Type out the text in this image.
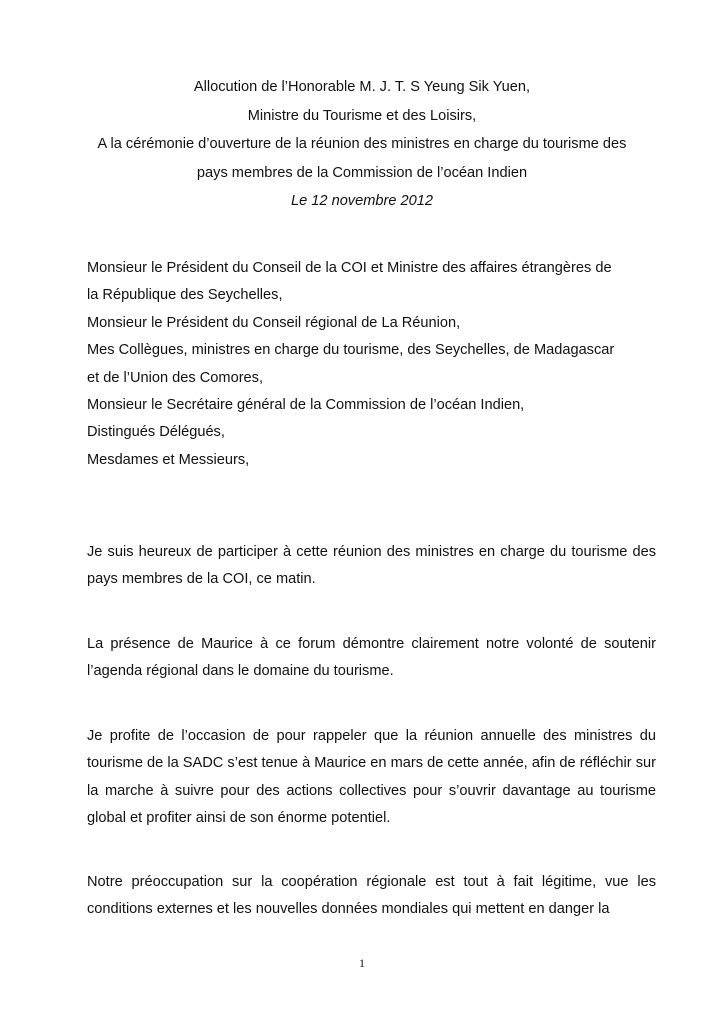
Allocution de l’Honorable M. J. T. S Yeung Sik Yuen,
Ministre du Tourisme et des Loisirs,
A la cérémonie d’ouverture de la réunion des ministres en charge du tourisme des
pays membres de la Commission de l’océan Indien
Le 12 novembre 2012
Monsieur le Président du Conseil de la COI et Ministre des affaires étrangères de
la République des Seychelles,
Monsieur le Président du Conseil régional de La Réunion,
Mes Collègues, ministres en charge du tourisme, des Seychelles, de Madagascar
et de l’Union des Comores,
Monsieur le Secrétaire général de la Commission de l’océan Indien,
Distingués Délégués,
Mesdames et Messieurs,

Je suis heureux de participer à cette réunion des ministres en charge du tourisme des pays membres de la COI, ce matin.

La présence de Maurice à ce forum démontre clairement notre volonté de soutenir l’agenda régional dans le domaine du tourisme.

Je profite de l’occasion de pour rappeler que la réunion annuelle des ministres du tourisme de la SADC s’est tenue à Maurice en mars de cette année, afin de réfléchir sur la marche à suivre pour des actions collectives pour s’ouvrir davantage au tourisme global et profiter ainsi de son énorme potentiel.

Notre préoccupation sur la coopération régionale est tout à fait légitime, vue les conditions externes et les nouvelles données mondiales qui mettent en danger la

1
